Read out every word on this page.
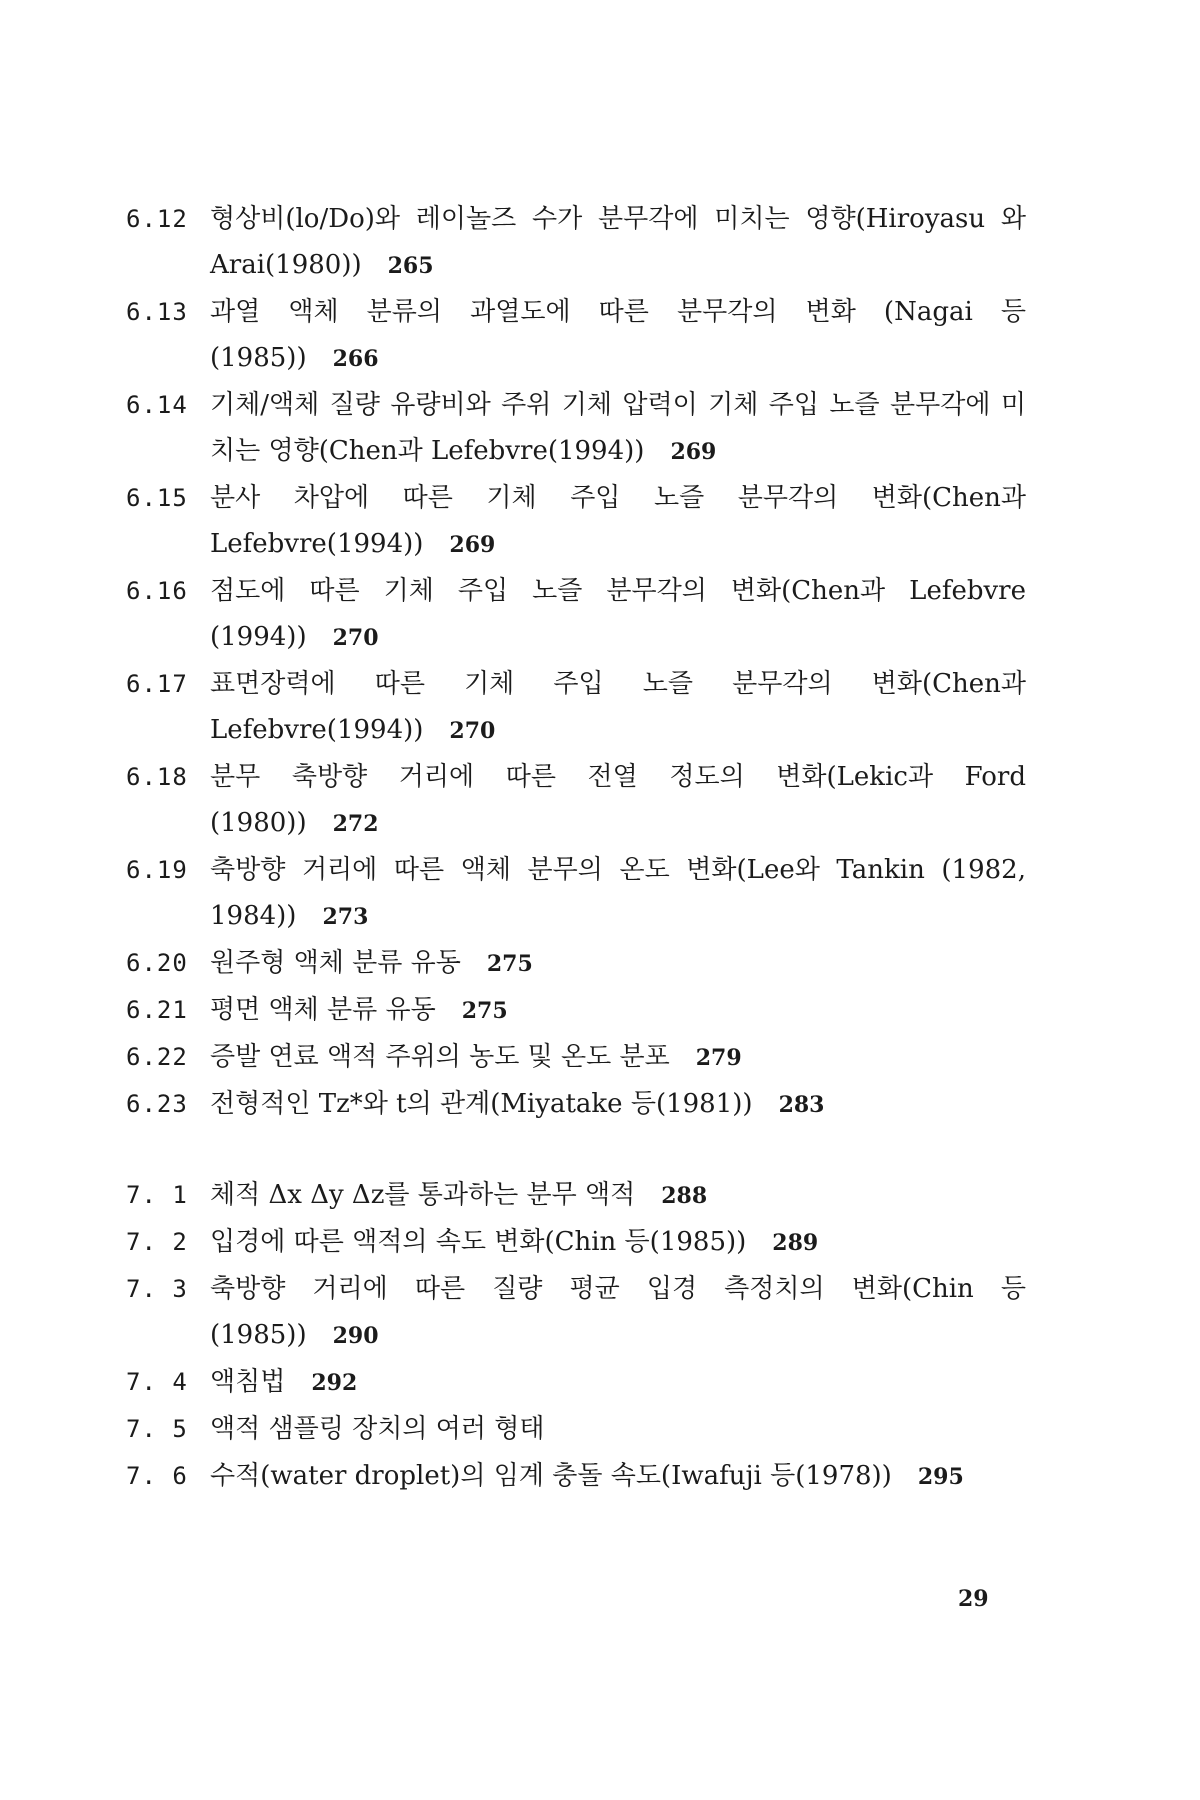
6.12 형상비(lo/Do)와 레이놀즈 수가 분무각에 미치는 영향(Hiroyasu 와 Arai(1980)) 265
6.13 과열 액체 분류의 과열도에 따른 분무각의 변화 (Nagai 등 (1985)) 266
6.14 기체/액체 질량 유량비와 주위 기체 압력이 기체 주입 노즐 분무각에 미치는 영향(Chen과 Lefebvre(1994)) 269
6.15 분사 차압에 따른 기체 주입 노즐 분무각의 변화(Chen과 Lefebvre(1994)) 269
6.16 점도에 따른 기체 주입 노즐 분무각의 변화(Chen과 Lefebvre (1994)) 270
6.17 표면장력에 따른 기체 주입 노즐 분무각의 변화(Chen과 Lefebvre(1994)) 270
6.18 분무 축방향 거리에 따른 전열 정도의 변화(Lekic과 Ford (1980)) 272
6.19 축방향 거리에 따른 액체 분무의 온도 변화(Lee와 Tankin (1982, 1984)) 273
6.20 원주형 액체 분류 유동 275
6.21 평면 액체 분류 유동 275
6.22 증발 연료 액적 주위의 농도 및 온도 분포 279
6.23 전형적인 Tz*와 t의 관계(Miyatake 등(1981)) 283
7. 1 체적 Δx Δy Δz를 통과하는 분무 액적 288
7. 2 입경에 따른 액적의 속도 변화(Chin 등(1985)) 289
7. 3 축방향 거리에 따른 질량 평균 입경 측정치의 변화(Chin 등 (1985)) 290
7. 4 액침법 292
7. 5 액적 샘플링 장치의 여러 형태
7. 6 수적(water droplet)의 임계 충돌 속도(Iwafuji 등(1978)) 295
29
